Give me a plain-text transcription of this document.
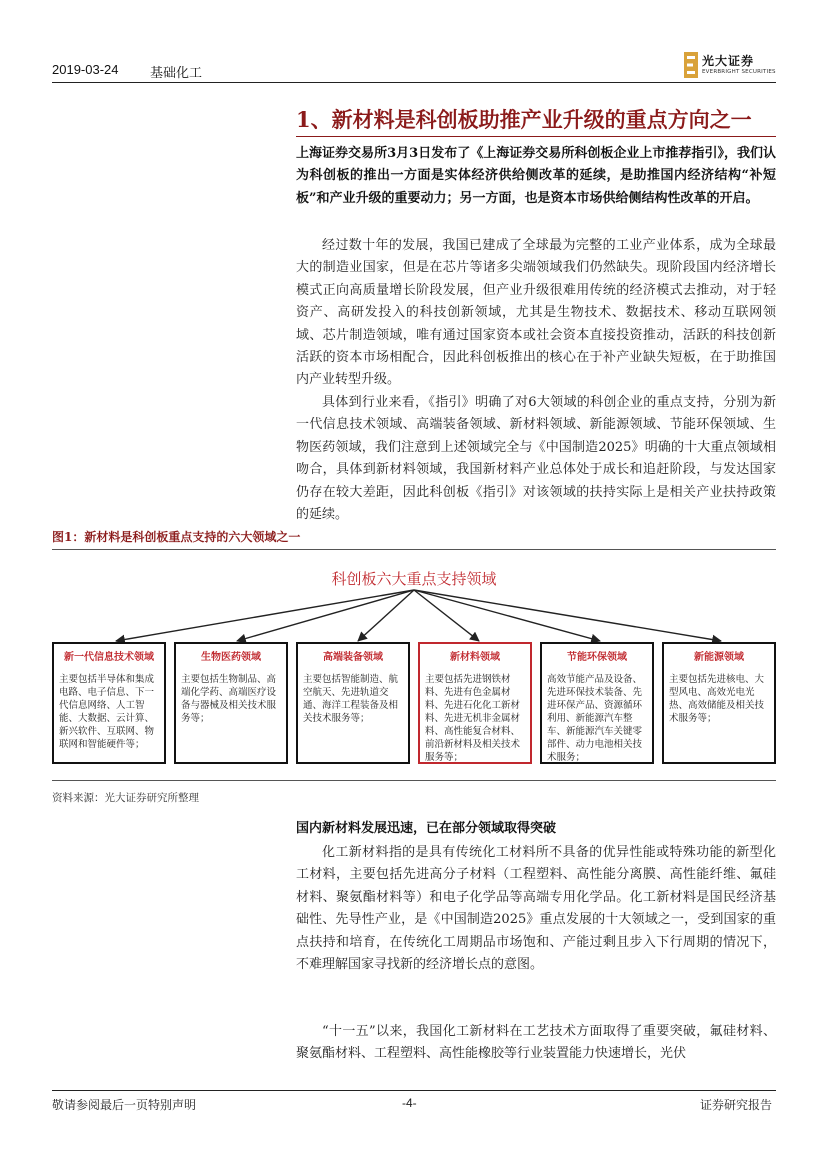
2019-03-24 基础化工
光大证券
EVERBRIGHT SECURITIES
1、新材料是科创板助推产业升级的重点方向之一
上海证券交易所3月3日发布了《上海证券交易所科创板企业上市推荐指引》，我们认为科创板的推出一方面是实体经济供给侧改革的延续，是助推国内经济结构“补短板”和产业升级的重要动力；另一方面，也是资本市场供给侧结构性改革的开启。
经过数十年的发展，我国已建成了全球最为完整的工业产业体系，成为全球最大的制造业国家，但是在芯片等诸多尖端领域我们仍然缺失。现阶段国内经济增长模式正向高质量增长阶段发展，但产业升级很难用传统的经济模式去推动，对于轻资产、高研发投入的科技创新领域，尤其是生物技术、数据技术、移动互联网领域、芯片制造领域，唯有通过国家资本或社会资本直接投资推动，活跃的科技创新活跃的资本市场相配合，因此科创板推出的核心在于补产业缺失短板，在于助推国内产业转型升级。
具体到行业来看，《指引》明确了对6大领域的科创企业的重点支持，分别为新一代信息技术领域、高端装备领域、新材料领域、新能源领域、节能环保领域、生物医药领域，我们注意到上述领域完全与《中国制造2025》明确的十大重点领域相吻合，具体到新材料领域，我国新材料产业总体处于成长和追赶阶段，与发达国家仍存在较大差距，因此科创板《指引》对该领域的扶持实际上是相关产业扶持政策的延续。
图1：新材料是科创板重点支持的六大领域之一
科创板六大重点支持领域
新一代信息技术领域
主要包括半导体和集成电路、电子信息、下一代信息网络、人工智能、大数据、云计算、新兴软件、互联网、物联网和智能硬件等；
生物医药领域
主要包括生物制品、高端化学药、高端医疗设备与器械及相关技术服务等；
高端装备领域
主要包括智能制造、航空航天、先进轨道交通、海洋工程装备及相关技术服务等；
新材料领域
主要包括先进钢铁材料、先进有色金属材料、先进石化化工新材料、先进无机非金属材料、高性能复合材料、前沿新材料及相关技术服务等；
节能环保领域
高效节能产品及设备、先进环保技术装备、先进环保产品、资源循环利用、新能源汽车整车、新能源汽车关键零部件、动力电池相关技术服务；
新能源领域
主要包括先进核电、大型风电、高效光电光热、高效储能及相关技术服务等；
资料来源：光大证券研究所整理
国内新材料发展迅速，已在部分领域取得突破
化工新材料指的是具有传统化工材料所不具备的优异性能或特殊功能的新型化工材料，主要包括先进高分子材料（工程塑料、高性能分离膜、高性能纤维、氟硅材料、聚氨酯材料等）和电子化学品等高端专用化学品。化工新材料是国民经济基础性、先导性产业，是《中国制造2025》重点发展的十大领域之一，受到国家的重点扶持和培育，在传统化工周期品市场饱和、产能过剩且步入下行周期的情况下，不难理解国家寻找新的经济增长点的意图。
“十一五”以来，我国化工新材料在工艺技术方面取得了重要突破，氟硅材料、聚氨酯材料、工程塑料、高性能橡胶等行业装置能力快速增长，光伏
敬请参阅最后一页特别声明	-4-	证券研究报告
